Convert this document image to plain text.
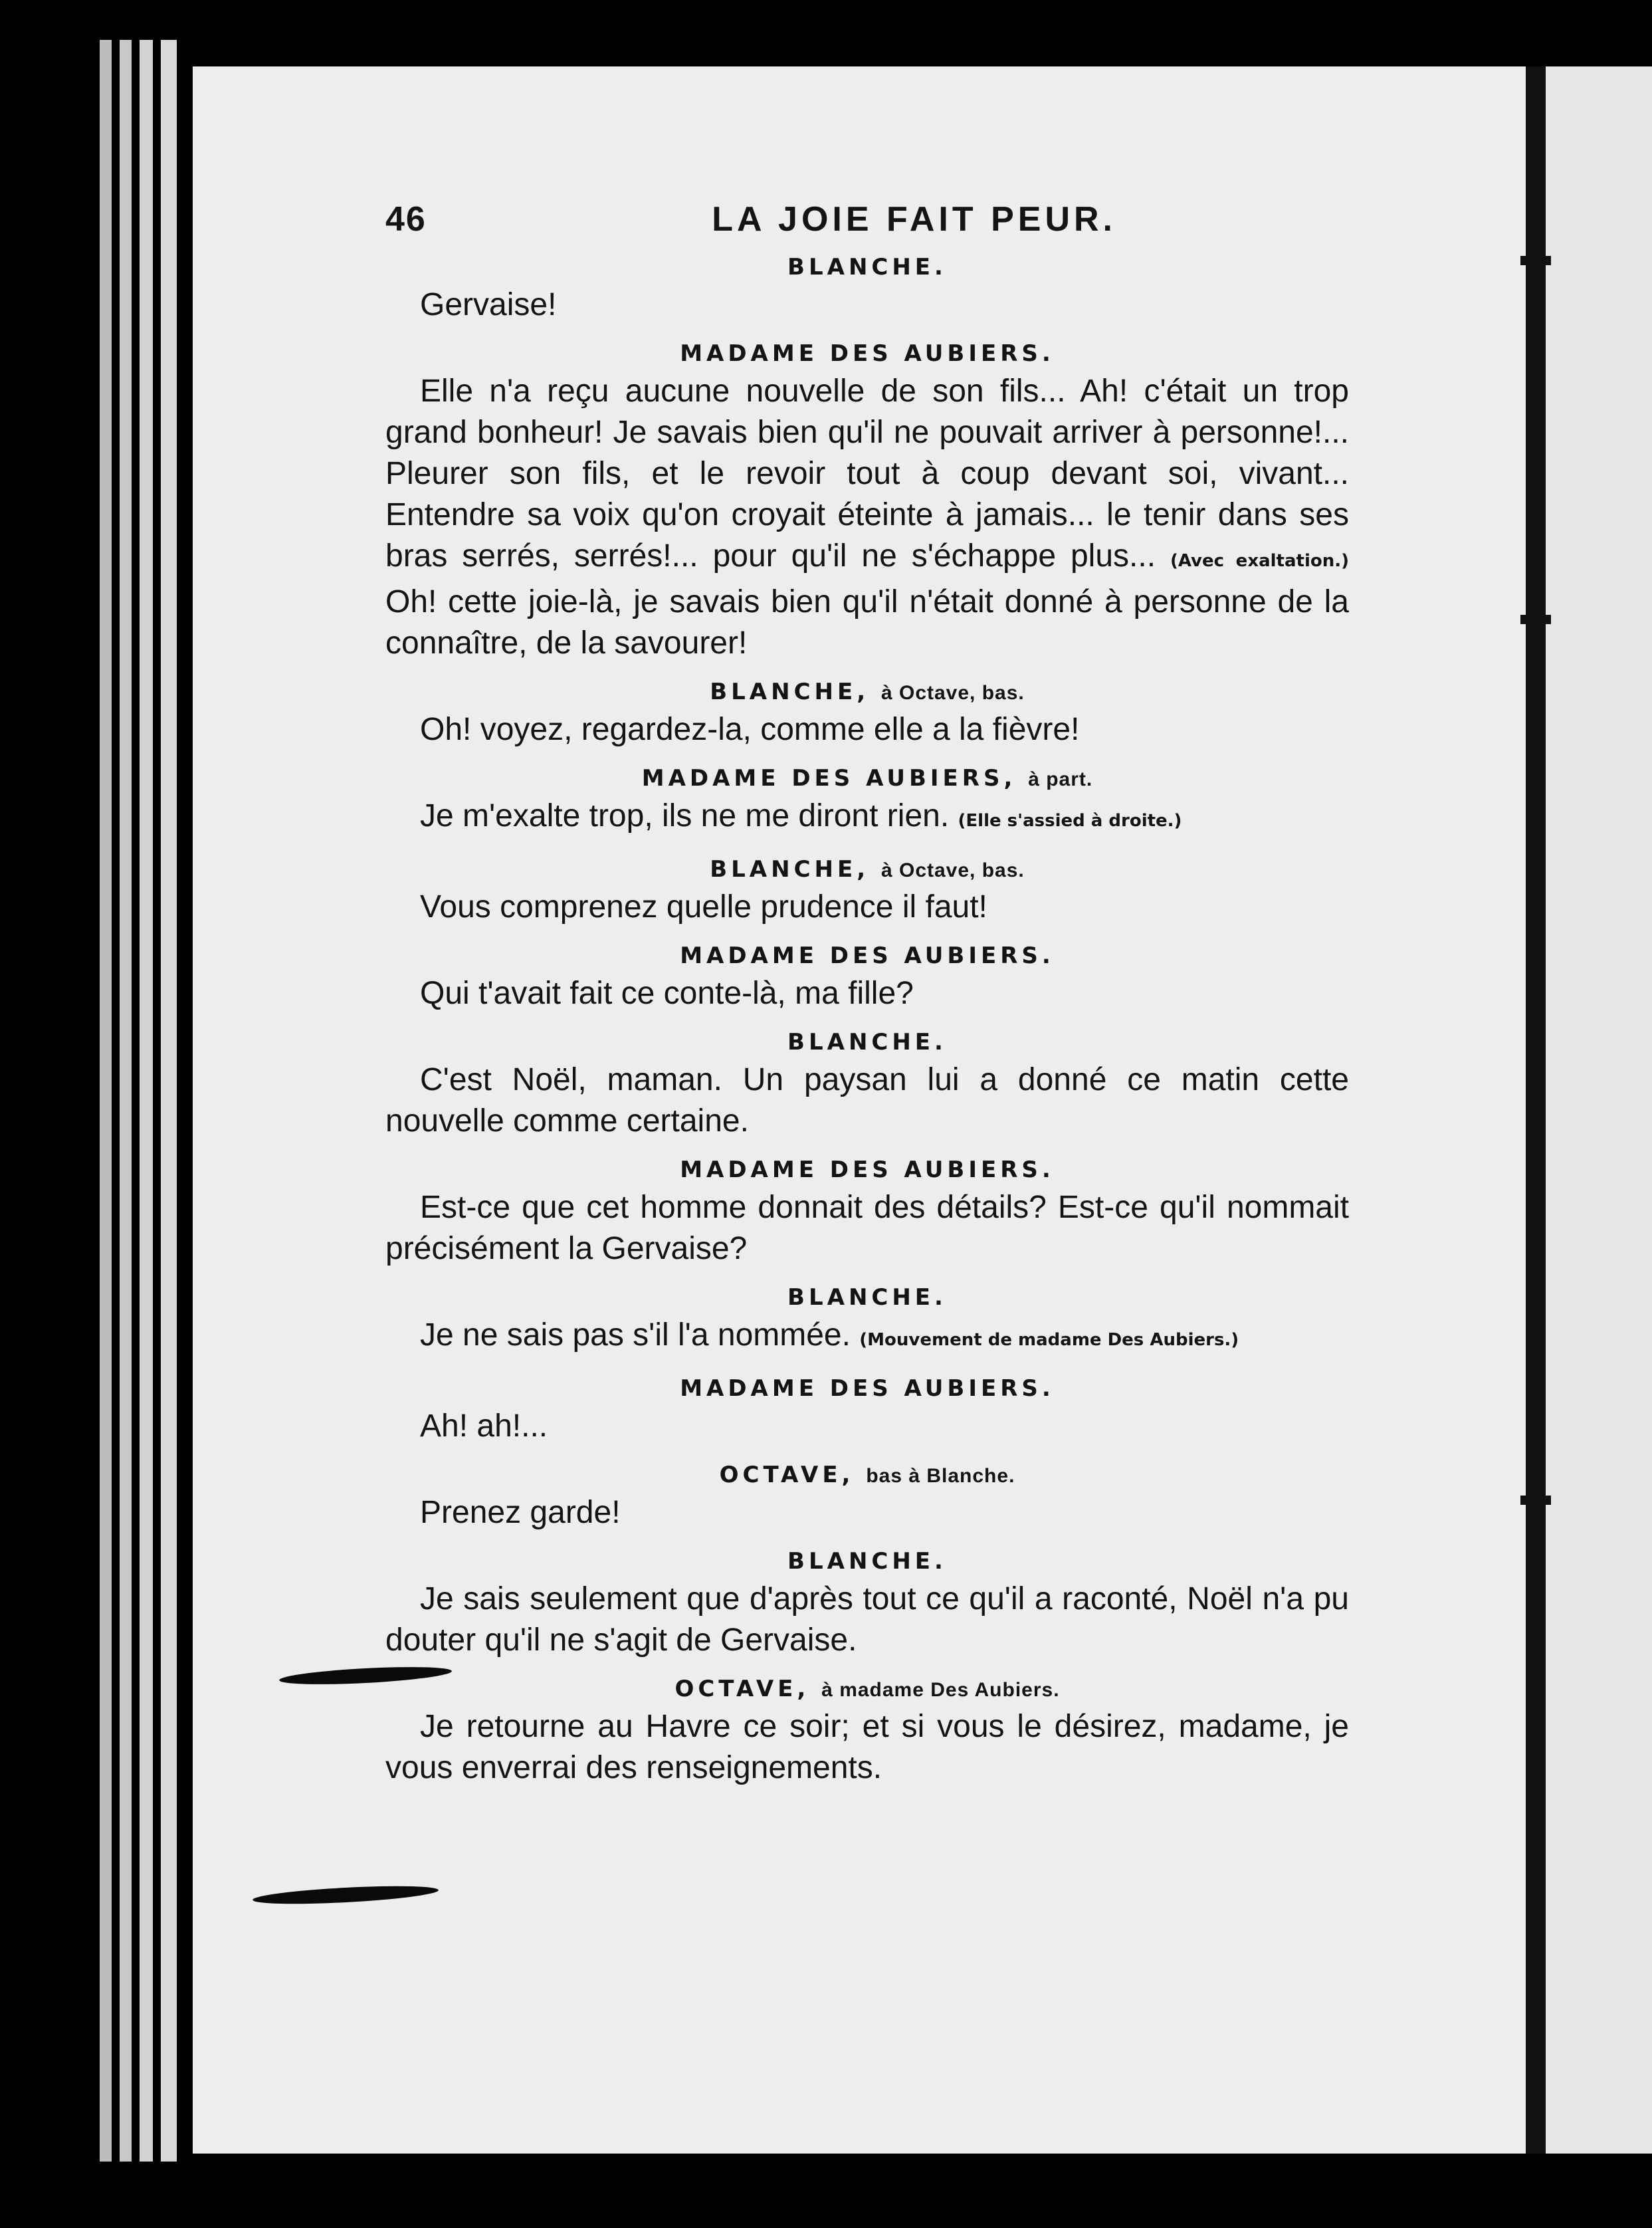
46	LA JOIE FAIT PEUR.
BLANCHE.
Gervaise!
MADAME DES AUBIERS.
Elle n'a reçu aucune nouvelle de son fils... Ah! c'était un trop grand bonheur! Je savais bien qu'il ne pouvait arriver à personne!... Pleurer son fils, et le revoir tout à coup devant soi, vivant... Entendre sa voix qu'on croyait éteinte à jamais... le tenir dans ses bras serrés, serrés!... pour qu'il ne s'échappe plus... (Avec exaltation.) Oh! cette joie-là, je savais bien qu'il n'était donné à personne de la connaître, de la savourer!
BLANCHE, à Octave, bas.
Oh! voyez, regardez-la, comme elle a la fièvre!
MADAME DES AUBIERS, à part.
Je m'exalte trop, ils ne me diront rien. (Elle s'assied à droite.)
BLANCHE, à Octave, bas.
Vous comprenez quelle prudence il faut!
MADAME DES AUBIERS.
Qui t'avait fait ce conte-là, ma fille?
BLANCHE.
C'est Noël, maman. Un paysan lui a donné ce matin cette nouvelle comme certaine.
MADAME DES AUBIERS.
Est-ce que cet homme donnait des détails? Est-ce qu'il nommait précisément la Gervaise?
BLANCHE.
Je ne sais pas s'il l'a nommée. (Mouvement de madame Des Aubiers.)
MADAME DES AUBIERS.
Ah! ah!...
OCTAVE, bas à Blanche.
Prenez garde!
BLANCHE.
Je sais seulement que d'après tout ce qu'il a raconté, Noël n'a pu douter qu'il ne s'agit de Gervaise.
OCTAVE, à madame Des Aubiers.
Je retourne au Havre ce soir; et si vous le désirez, madame, je vous enverrai des renseignements.
